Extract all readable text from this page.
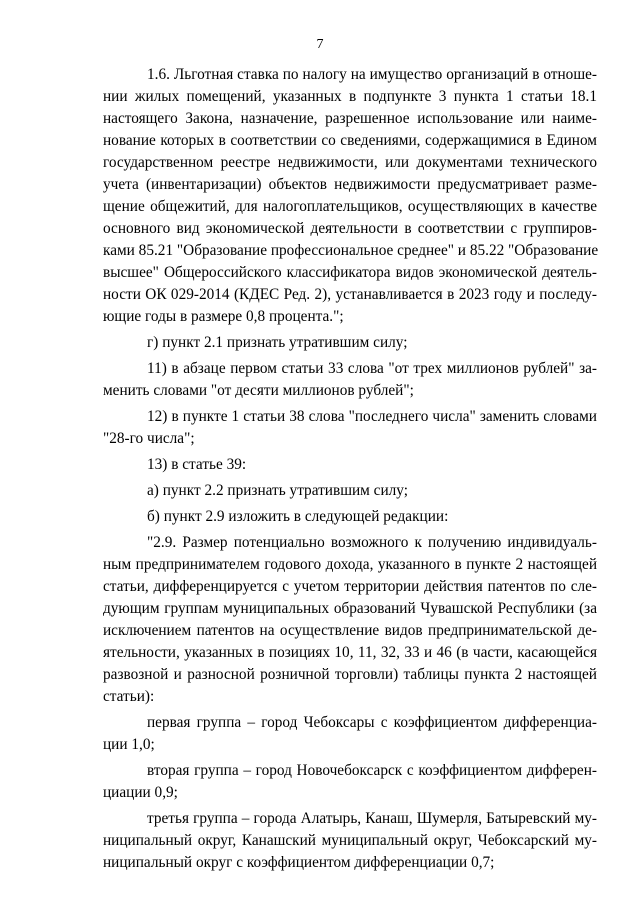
7
1.6. Льготная ставка по налогу на имущество организаций в отноше-
нии жилых помещений, указанных в подпункте 3 пункта 1 статьи 18.1
настоящего Закона, назначение, разрешенное использование или наиме-
нование которых в соответствии со сведениями, содержащимися в Едином
государственном реестре недвижимости, или документами технического
учета (инвентаризации) объектов недвижимости предусматривает разме-
щение общежитий, для налогоплательщиков, осуществляющих в качестве
основного вид экономической деятельности в соответствии с группиров-
ками 85.21 "Образование профессиональное среднее" и 85.22 "Образование
высшее" Общероссийского классификатора видов экономической деятель-
ности ОК 029-2014 (КДЕС Ред. 2), устанавливается в 2023 году и последу-
ющие годы в размере 0,8 процента.";
г) пункт 2.1 признать утратившим силу;
11) в абзаце первом статьи 33 слова "от трех миллионов рублей" за-
менить словами "от десяти миллионов рублей";
12) в пункте 1 статьи 38 слова "последнего числа" заменить словами
"28-го числа";
13) в статье 39:
а) пункт 2.2 признать утратившим силу;
б) пункт 2.9 изложить в следующей редакции:
"2.9. Размер потенциально возможного к получению индивидуаль-
ным предпринимателем годового дохода, указанного в пункте 2 настоящей
статьи, дифференцируется с учетом территории действия патентов по сле-
дующим группам муниципальных образований Чувашской Республики (за
исключением патентов на осуществление видов предпринимательской де-
ятельности, указанных в позициях 10, 11, 32, 33 и 46 (в части, касающейся
развозной и разносной розничной торговли) таблицы пункта 2 настоящей
статьи):
первая группа – город Чебоксары с коэффициентом дифференциа-
ции 1,0;
вторая группа – город Новочебоксарск с коэффициентом дифферен-
циации 0,9;
третья группа – города Алатырь, Канаш, Шумерля, Батыревский му-
ниципальный округ, Канашский муниципальный округ, Чебоксарский му-
ниципальный округ с коэффициентом дифференциации 0,7;
